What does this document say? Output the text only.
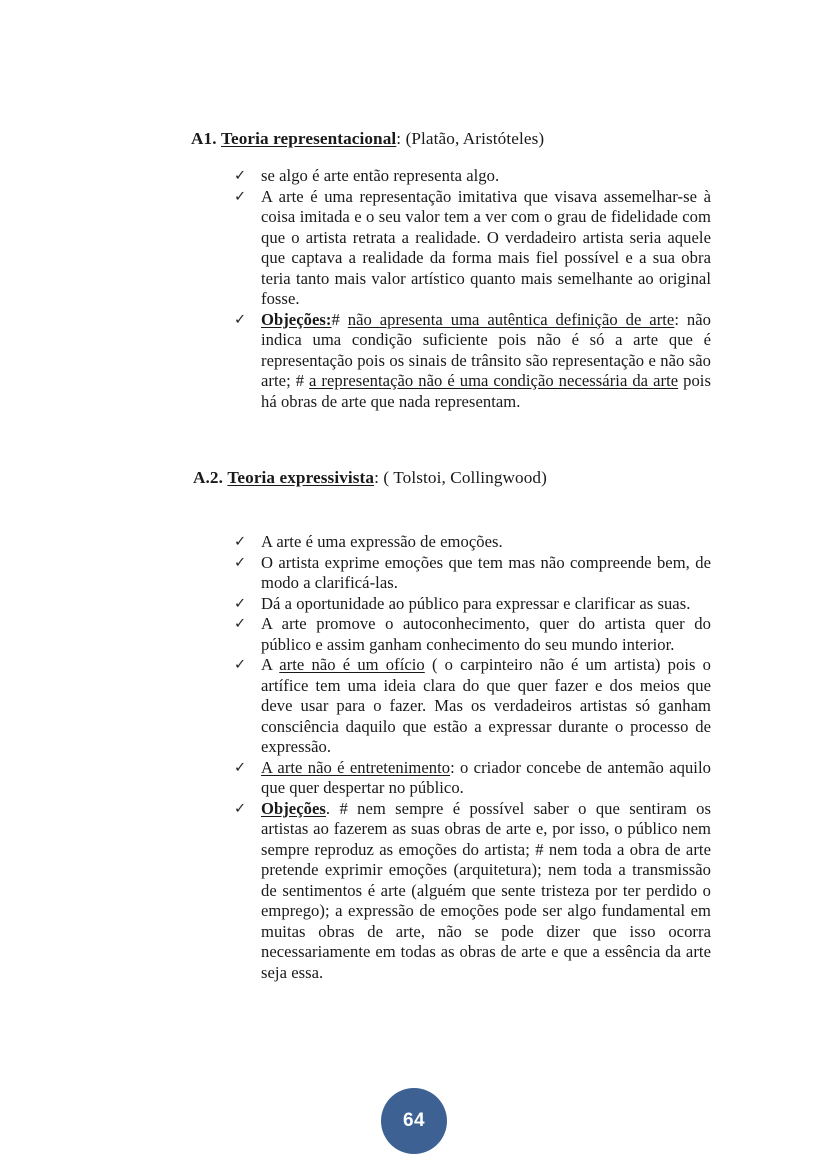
A1. Teoria representacional: (Platão, Aristóteles)

✓ se algo é arte então representa algo.
✓ A arte é uma representação imitativa que visava assemelhar-se à coisa imitada e o seu valor tem a ver com o grau de fidelidade com que o artista retrata a realidade. O verdadeiro artista seria aquele que captava a realidade da forma mais fiel possível e a sua obra teria tanto mais valor artístico quanto mais semelhante ao original fosse.
✓ Objeções:# não apresenta uma autêntica definição de arte: não indica uma condição suficiente pois não é só a arte que é representação pois os sinais de trânsito são representação e não são arte; # a representação não é uma condição necessária da arte pois há obras de arte que nada representam.

A.2. Teoria expressivista: ( Tolstoi, Collingwood)

✓ A arte é uma expressão de emoções.
✓ O artista exprime emoções que tem mas não compreende bem, de modo a clarificá-las.
✓ Dá a oportunidade ao público para expressar e clarificar as suas.
✓ A arte promove o autoconhecimento, quer do artista quer do público e assim ganham conhecimento do seu mundo interior.
✓ A arte não é um ofício ( o carpinteiro não é um artista) pois o artífice tem uma ideia clara do que quer fazer e dos meios que deve usar para o fazer. Mas os verdadeiros artistas só ganham consciência daquilo que estão a expressar durante o processo de expressão.
✓ A arte não é entretenimento: o criador concebe de antemão aquilo que quer despertar no público.
✓ Objeções. # nem sempre é possível saber o que sentiram os artistas ao fazerem as suas obras de arte e, por isso, o público nem sempre reproduz as emoções do artista; # nem toda a obra de arte pretende exprimir emoções (arquitetura); nem toda a transmissão de sentimentos é arte (alguém que sente tristeza por ter perdido o emprego); a expressão de emoções pode ser algo fundamental em muitas obras de arte, não se pode dizer que isso ocorra necessariamente em todas as obras de arte e que a essência da arte seja essa.
64
